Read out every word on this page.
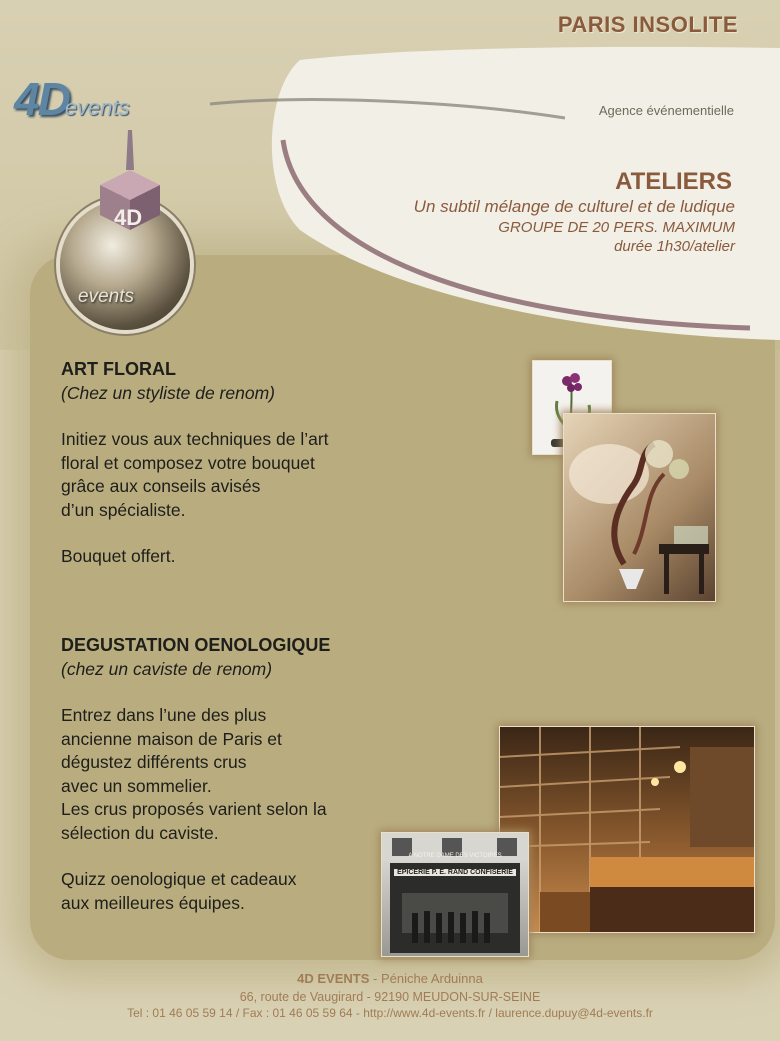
PARIS INSOLITE
Agence événementielle
4Devents
4D
events
ATELIERS
Un subtil mélange de culturel et de ludique
GROUPE DE 20 PERS. MAXIMUM
durée 1h30/atelier

ART FLORAL

(Chez un styliste de renom)

Initiez vous aux techniques de l’art

floral et composez votre bouquet

grâce aux conseils avisés

d’un spécialiste.

Bouquet offert.

DEGUSTATION OENOLOGIQUE

(chez un caviste de renom)

Entrez dans l’une des plus

ancienne maison de Paris et

dégustez différents crus

avec un sommelier.

Les crus proposés varient selon la

sélection du caviste.

Quizz oenologique et cadeaux

aux meilleures équipes.

A NOTRE DAME DES VICTOIRES
ÉPICERIE P. E. RAND CONFISERIE
4D EVENTS - Péniche Arduinna
66, route de Vaugirard - 92190 MEUDON-SUR-SEINE
Tel : 01 46 05 59 14 / Fax : 01 46 05 59 64 - http://www.4d-events.fr / laurence.dupuy@4d-events.fr
